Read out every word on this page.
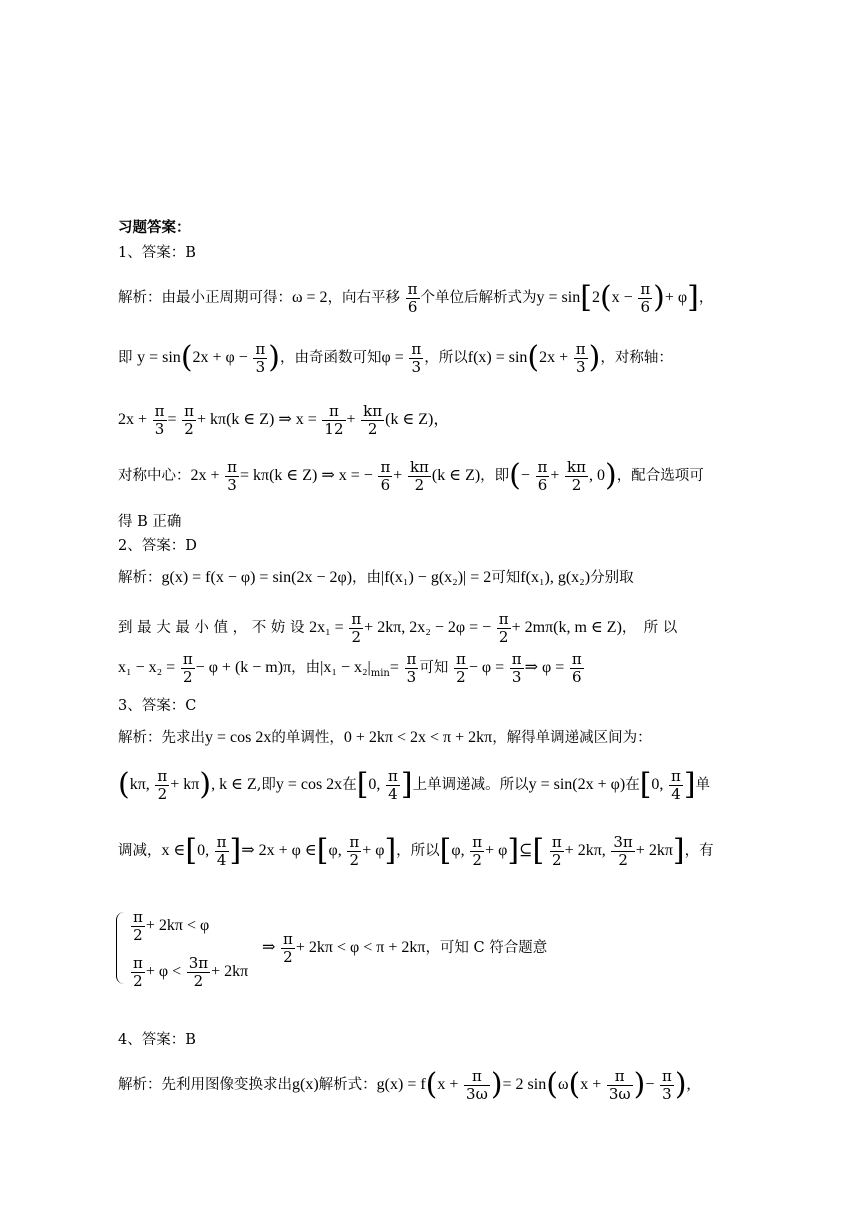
习题答案：
1、答案：B
解析：由最小正周期可得：ω = 2，向右平移 $\frac{\pi}{6}$ 个单位后解析式为$y = \sin[2(x - \frac{\pi}{6}$ )+ φ]，
即 $y = \sin(2x + \varphi - \frac{\pi}{3}$ )，由奇函数可知$\varphi = \frac{\pi}{3}$ ，所以$f(x) = \sin(2x + \frac{\pi}{3}$ )，对称轴：
$2x + \frac{\pi}{3} = \frac{\pi}{2} + k\pi(k$ ∈ Z) ⇒ $x = \frac{\pi}{12} + \frac{k\pi}{2} (k$ ∈ Z)，
对称中心：$2x + \frac{\pi}{3} = k\pi(k$ ∈ Z) ⇒ x = − $\frac{\pi}{6} + \frac{k\pi}{2} (k$ ∈ Z)，即(− $\frac{\pi}{6} + \frac{k\pi}{2}$ , 0)，配合选项可
得 B 正确
2、答案：D
解析：g(x) = f(x − φ) = sin(2x − 2φ)，由|f(x₁) − g(x₂)| = 2可知f(x₁), g(x₂)分别取
到 最 大 最 小 值 ， 不 妨 设 $2x_1 = \frac{\pi}{2} + 2k\pi$, 2x₂ − 2φ = − $\frac{\pi}{2} + 2m\pi(k$, m ∈ Z)，　所 以
$x_1 - x_2 = \frac{\pi}{2} - \varphi + (k - m)\pi$，由$|x_1 - x_2|_{min}= \frac{\pi}{3}$ 可知 $\frac{\pi}{2} - \varphi = \frac{\pi}{3}$ ⇒ $\varphi = \frac{\pi}{6}$
3、答案：C
解析：先求出y = cos 2x的单调性，0 + 2kπ < 2x < π + 2kπ，解得单调递减区间为：
(kπ, $\frac{\pi}{2} + k\pi$), k ∈ Z,即y = cos 2x在[0, $\frac{\pi}{4}$ ]上单调递减。所以y = sin(2x + φ)在[0, $\frac{\pi}{4}$ ]单
调减，x ∈[0, $\frac{\pi}{4}$ ]⇒ 2x + φ ∈[φ, $\frac{\pi}{2} + \varphi$]，所以[φ, $\frac{\pi}{2}$ + φ]⊆[ $\frac{\pi}{2} + 2k\pi$, $\frac{3\pi}{2} + 2k\pi$]，有
$\frac{\pi}{2} + 2k\pi < \varphi$
$\frac{\pi}{2} + \varphi < \frac{3\pi}{2} + 2k\pi$
⇒ $\frac{\pi}{2} + 2k\pi < \varphi < \pi + 2k\pi$，可知 C 符合题意
4、答案：B
解析：先利用图像变换求出g(x)解析式：$g(x) = f(x + \frac{\pi}{3\omega}$ )= 2 $\sin(\omega(x + \frac{\pi}{3\omega}$ )− $\frac{\pi}{3}$ ),
